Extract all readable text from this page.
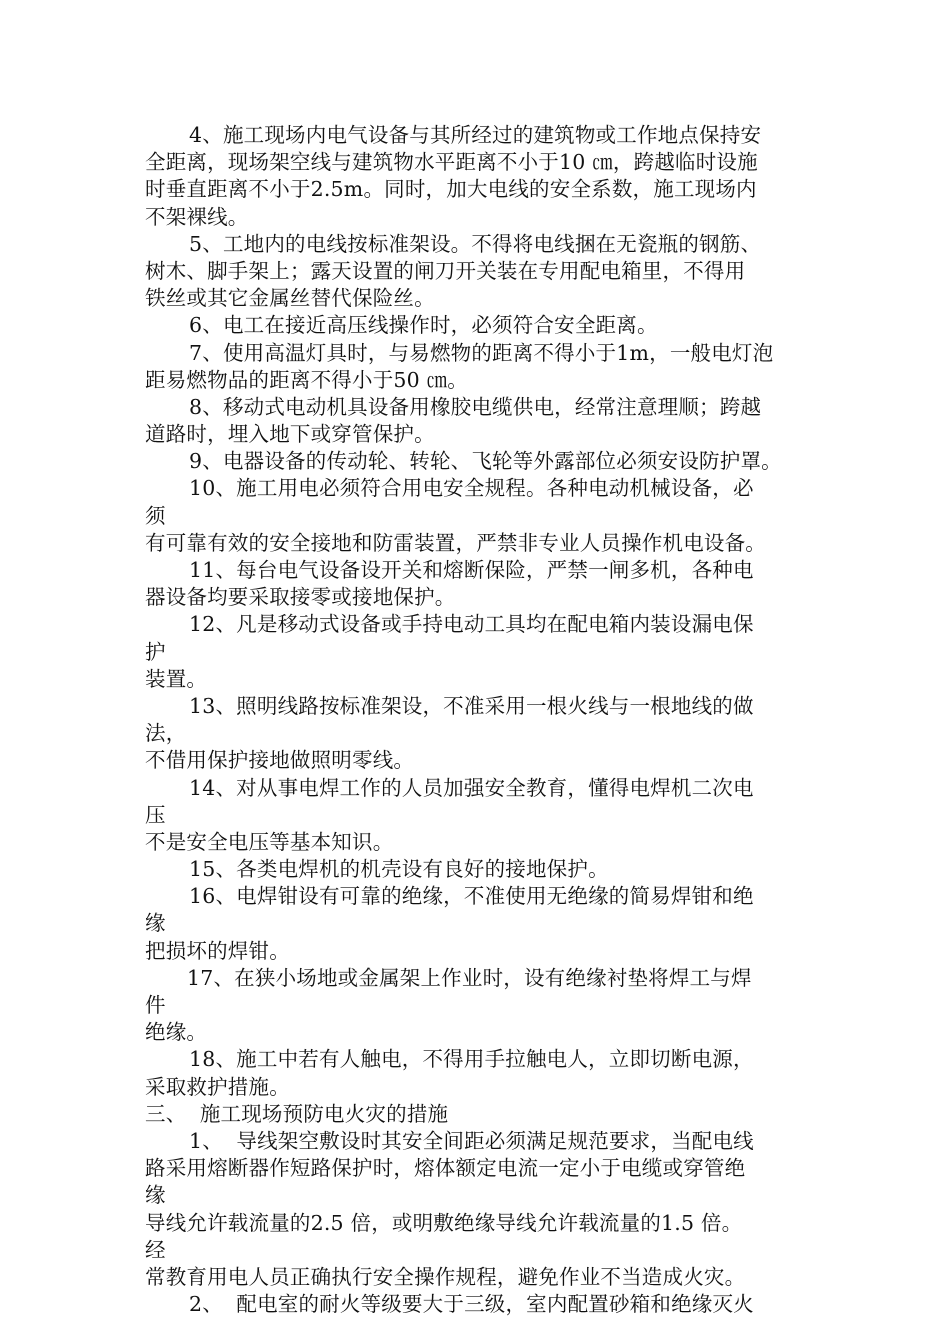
4、施工现场内电气设备与其所经过的建筑物或工作地点保持安
全距离，现场架空线与建筑物水平距离不小于10 ㎝，跨越临时设施
时垂直距离不小于2.5m。同时，加大电线的安全系数，施工现场内
不架裸线。
5、工地内的电线按标准架设。不得将电线捆在无瓷瓶的钢筋、
树木、脚手架上；露天设置的闸刀开关装在专用配电箱里，不得用
铁丝或其它金属丝替代保险丝。
6、电工在接近高压线操作时，必须符合安全距离。
7、使用高温灯具时，与易燃物的距离不得小于1m，一般电灯泡
距易燃物品的距离不得小于50 ㎝。
8、移动式电动机具设备用橡胶电缆供电，经常注意理顺；跨越
道路时，埋入地下或穿管保护。
9、电器设备的传动轮、转轮、飞轮等外露部位必须安设防护罩。
10、施工用电必须符合用电安全规程。各种电动机械设备，必
须
有可靠有效的安全接地和防雷装置，严禁非专业人员操作机电设备。
11、每台电气设备设开关和熔断保险，严禁一闸多机，各种电
器设备均要采取接零或接地保护。
12、凡是移动式设备或手持电动工具均在配电箱内装设漏电保
护
装置。
13、照明线路按标准架设，不准采用一根火线与一根地线的做
法，
不借用保护接地做照明零线。
14、对从事电焊工作的人员加强安全教育，懂得电焊机二次电
压
不是安全电压等基本知识。
15、各类电焊机的机壳设有良好的接地保护。
16、电焊钳设有可靠的绝缘，不准使用无绝缘的简易焊钳和绝
缘
把损坏的焊钳。
17、在狭小场地或金属架上作业时，设有绝缘衬垫将焊工与焊
件
绝缘。
18、施工中若有人触电，不得用手拉触电人，立即切断电源，
采取救护措施。
三、  施工现场预防电火灾的措施
1、  导线架空敷设时其安全间距必须满足规范要求，当配电线
路采用熔断器作短路保护时，熔体额定电流一定小于电缆或穿管绝
缘
导线允许载流量的2.5 倍，或明敷绝缘导线允许载流量的1.5 倍。
经
常教育用电人员正确执行安全操作规程，避免作业不当造成火灾。
2、  配电室的耐火等级要大于三级，室内配置砂箱和绝缘灭火
